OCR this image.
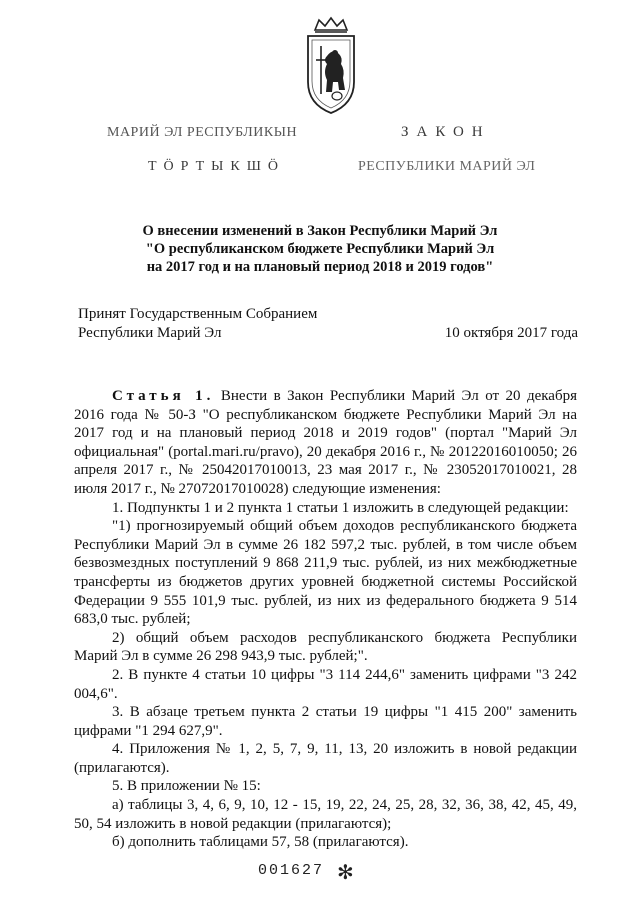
МАРИЙ ЭЛ РЕСПУБЛИКЫН
ТӦРТЫКШӦ
ЗАКОН
РЕСПУБЛИКИ МАРИЙ ЭЛ
О внесении изменений в Закон Республики Марий Эл
"О республиканском бюджете Республики Марий Эл
на 2017 год и на плановый период 2018 и 2019 годов"
Принят Государственным Собранием
Республики Марий Эл	10 октября 2017 года

Статья 1. Внести в Закон Республики Марий Эл от 20 декабря 2016 года № 50-З "О республиканском бюджете Республики Марий Эл на 2017 год и на плановый период 2018 и 2019 годов" (портал "Марий Эл официальная" (portal.mari.ru/pravo), 20 декабря 2016 г., № 20122016010050; 26 апреля 2017 г., № 25042017010013, 23 мая 2017 г., № 23052017010021, 28 июля 2017 г., № 27072017010028) следующие изменения:

1. Подпункты 1 и 2 пункта 1 статьи 1 изложить в следующей редакции:

"1) прогнозируемый общий объем доходов республиканского бюджета Республики Марий Эл в сумме 26 182 597,2 тыс. рублей, в том числе объем безвозмездных поступлений 9 868 211,9 тыс. рублей, из них межбюджетные трансферты из бюджетов других уровней бюджетной системы Российской Федерации 9 555 101,9 тыс. рублей, из них из федерального бюджета 9 514 683,0 тыс. рублей;

2) общий объем расходов республиканского бюджета Республики Марий Эл в сумме 26 298 943,9 тыс. рублей;".

2. В пункте 4 статьи 10 цифры "3 114 244,6" заменить цифрами "3 242 004,6".

3. В абзаце третьем пункта 2 статьи 19 цифры "1 415 200" заменить цифрами "1 294 627,9".

4. Приложения № 1, 2, 5, 7, 9, 11, 13, 20 изложить в новой редакции (прилагаются).

5. В приложении № 15:

а) таблицы 3, 4, 6, 9, 10, 12 - 15, 19, 22, 24, 25, 28, 32, 36, 38, 42, 45, 49, 50, 54 изложить в новой редакции (прилагаются);

б) дополнить таблицами 57, 58 (прилагаются).

001627 ✻
